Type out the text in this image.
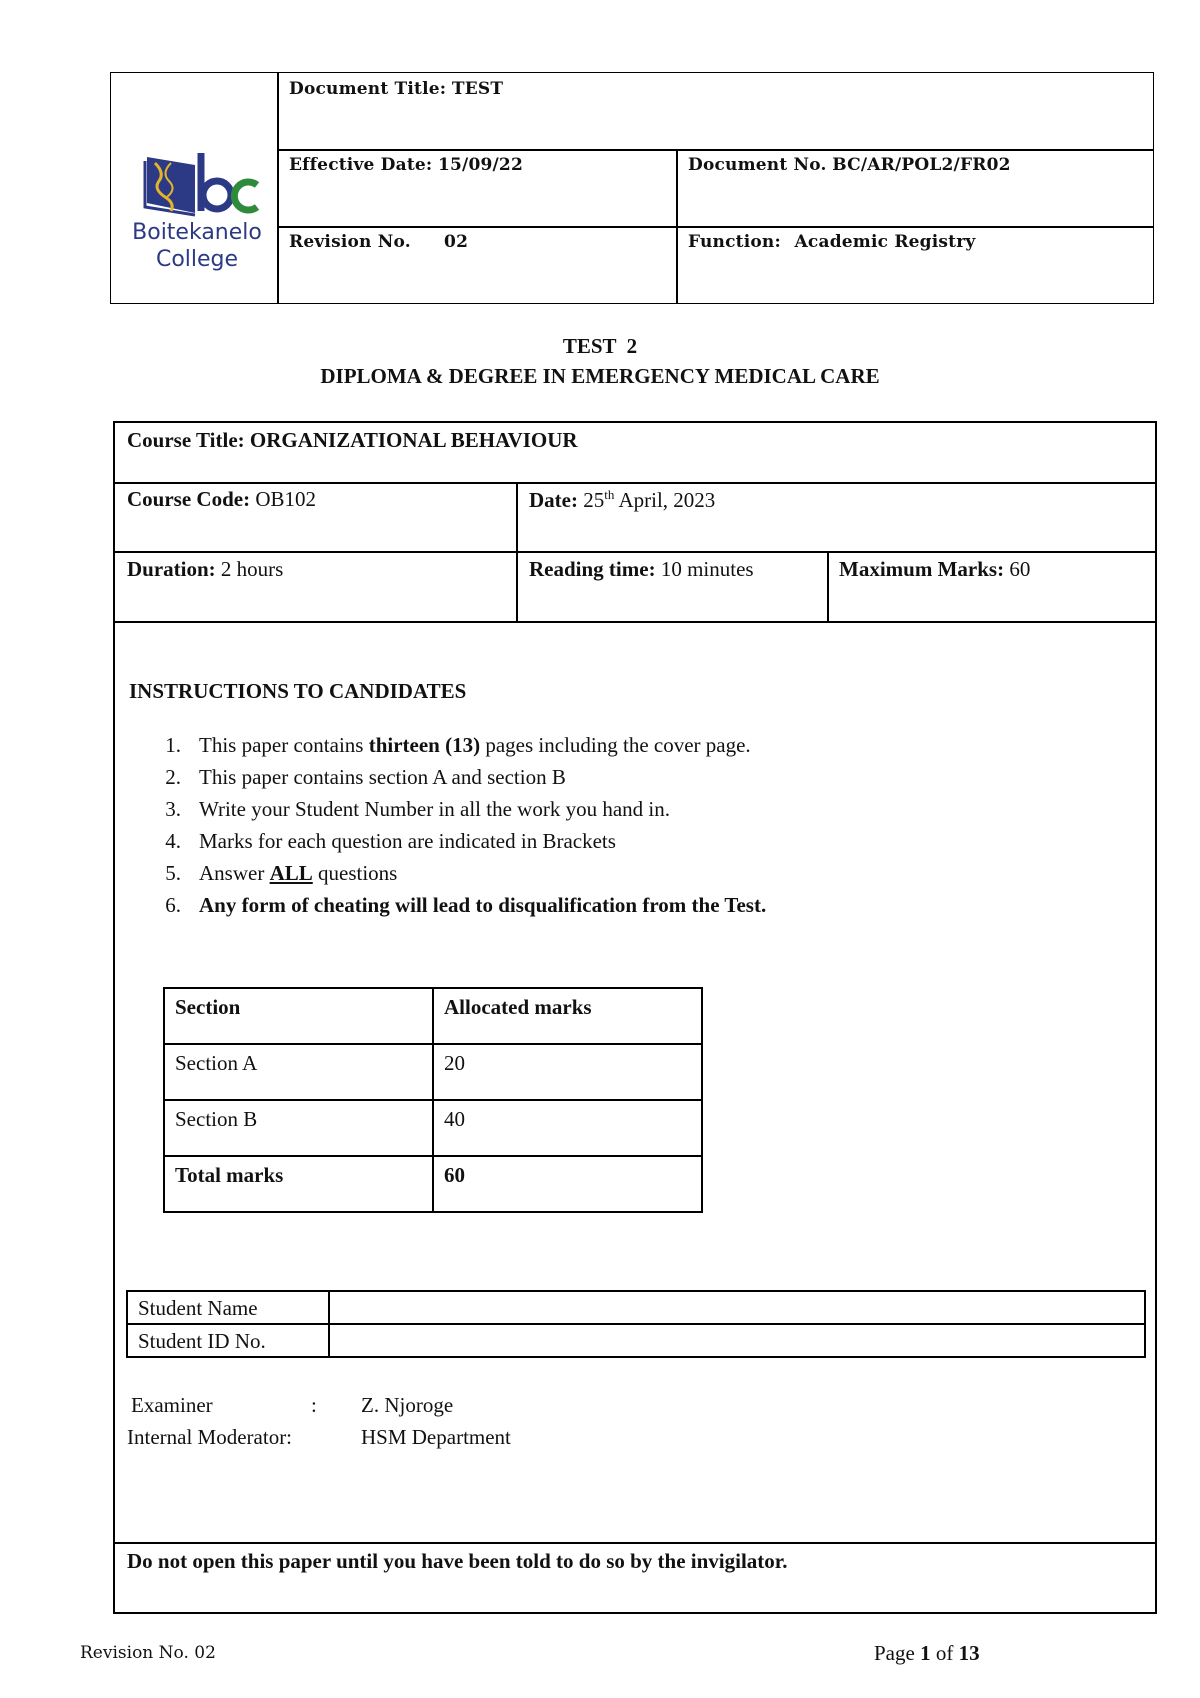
Boitekanelo
College
Document Title: TEST
Effective Date: 15/09/22	Document No. BC/AR/POL2/FR02
Revision No. 02	Function: Academic Registry
TEST  2
DIPLOMA & DEGREE IN EMERGENCY MEDICAL CARE
Course Title: ORGANIZATIONAL BEHAVIOUR
Course Code: OB102	Date: 25th April, 2023
Duration: 2 hours	Reading time: 10 minutes	Maximum Marks: 60
INSTRUCTIONS TO CANDIDATES
1. This paper contains thirteen (13) pages including the cover page.
2. This paper contains section A and section B
3. Write your Student Number in all the work you hand in.
4. Marks for each question are indicated in Brackets
5. Answer ALL questions
6. Any form of cheating will lead to disqualification from the Test.
Section	Allocated marks
Section A	20
Section B	40
Total marks	60
Student Name	
Student ID No.	
Examiner	: Z. Njoroge
Internal Moderator:	HSM Department
Do not open this paper until you have been told to do so by the invigilator.
Revision No. 02	Page 1 of 13
